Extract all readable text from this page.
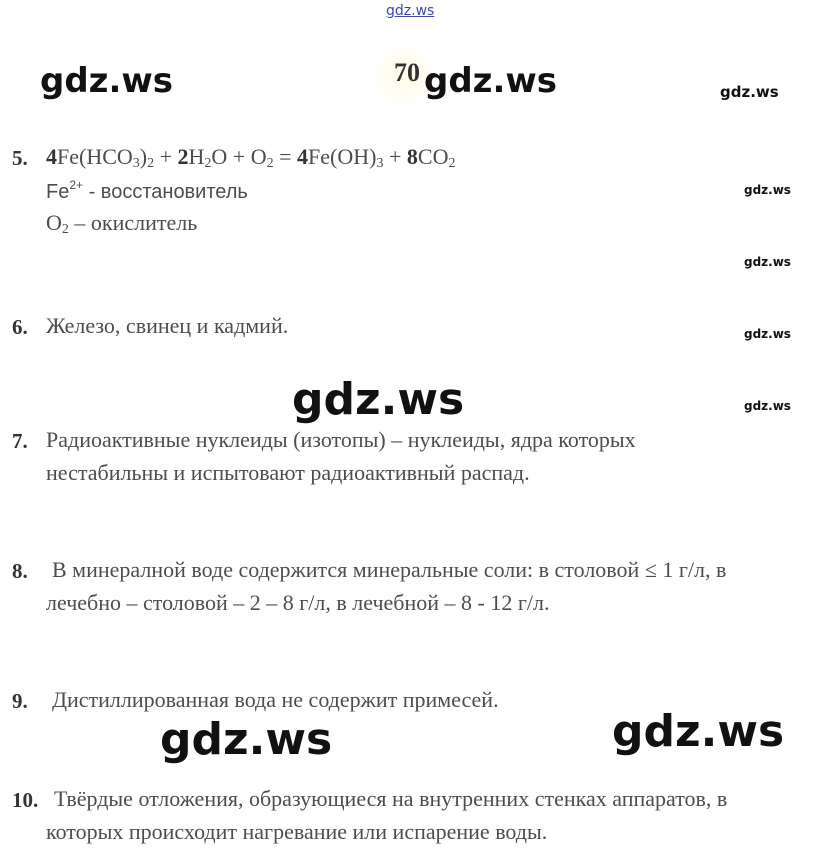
gdz.ws
70
gdz.ws	gdz.ws	gdz.ws
gdz.ws
gdz.ws
gdz.ws
gdz.ws
gdz.ws
gdz.ws	gdz.ws
5. $4Fe(HCO_3)_2 + 2H_2O + O_2 = 4Fe(OH)_3 + 8CO_2$
$Fe^{2+}$ - восстановитель
$O_2$ – окислитель
6. Железо, свинец и кадмий.
7. Радиоактивные нуклеиды (изотопы) – нуклеиды, ядра которых
нестабильны и испытовают радиоактивный распад.
8. В минералной воде содержится минеральные соли: в столовой ≤ 1 г/л, в
лечебно – столовой – 2 – 8 г/л, в лечебной – 8 - 12 г/л.
9. Дистиллированная вода не содержит примесей.
10. Твёрдые отложения, образующиеся на внутренних стенках аппаратов, в
которых происходит нагревание или испарение воды.
